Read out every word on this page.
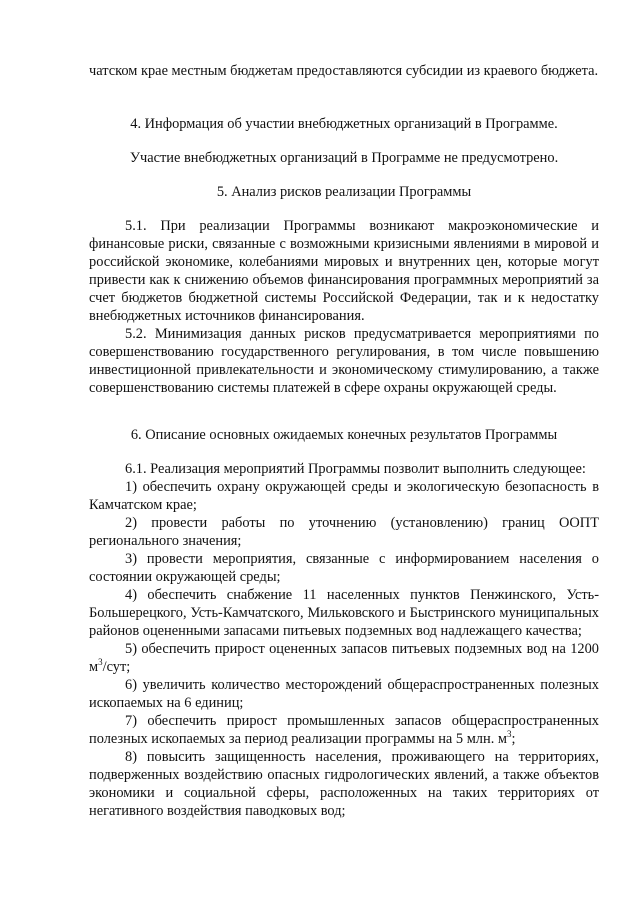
чатском крае местным бюджетам предоставляются субсидии из краевого бюджета.

4. Информация об участии внебюджетных организаций в Программе.
Участие внебюджетных организаций в Программе не предусмотрено.
5. Анализ рисков реализации Программы

5.1. При реализации Программы возникают макроэкономические и финансовые риски, связанные с возможными кризисными явлениями в мировой и российской экономике, колебаниями мировых и внутренних цен, которые могут привести как к снижению объемов финансирования программных мероприятий за счет бюджетов бюджетной системы Российской Федерации, так и к недостатку внебюджетных источников финансирования.

5.2. Минимизация данных рисков предусматривается мероприятиями по совершенствованию государственного регулирования, в том числе повышению инвестиционной привлекательности и экономическому стимулированию, а также совершенствованию системы платежей в сфере охраны окружающей среды.

6. Описание основных ожидаемых конечных результатов Программы

6.1. Реализация мероприятий Программы позволит выполнить следующее:

1) обеспечить охрану окружающей среды и экологическую безопасность в Камчатском крае;

2) провести работы по уточнению (установлению) границ ООПТ регионального значения;

3) провести мероприятия, связанные с информированием населения о состоянии окружающей среды;

4) обеспечить снабжение 11 населенных пунктов Пенжинского, Усть-Большерецкого, Усть-Камчатского, Мильковского и Быстринского муниципальных районов оцененными запасами питьевых подземных вод надлежащего качества;

5) обеспечить прирост оцененных запасов питьевых подземных вод на 1200 $м^3$/сут;

6) увеличить количество месторождений общераспространенных полезных ископаемых на 6 единиц;

7) обеспечить прирост промышленных запасов общераспространенных полезных ископаемых за период реализации программы на 5 млн. $м^3$;

8) повысить защищенность населения, проживающего на территориях, подверженных воздействию опасных гидрологических явлений, а также объектов экономики и социальной сферы, расположенных на таких территориях от негативного воздействия паводковых вод;
